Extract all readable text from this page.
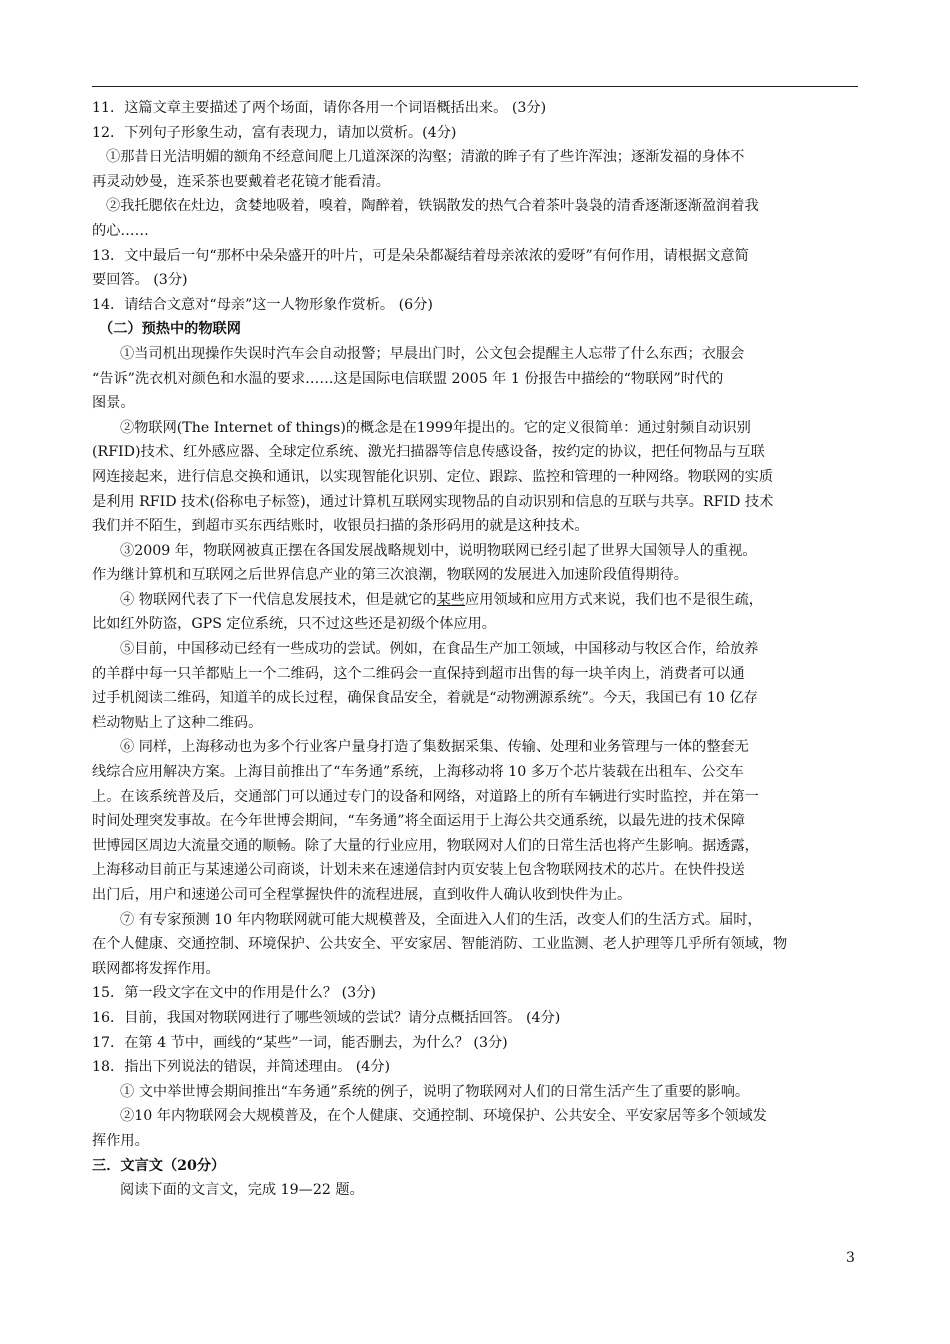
11．这篇文章主要描述了两个场面，请你各用一个词语概括出来。 (3分)

12．下列句子形象生动，富有表现力，请加以赏析。(4分)

①那昔日光洁明媚的额角不经意间爬上几道深深的沟壑；清澈的眸子有了些许浑浊；逐渐发福的身体不

再灵动妙曼，连采茶也要戴着老花镜才能看清。

②我托腮依在灶边，贪婪地吸着，嗅着，陶醉着，铁锅散发的热气合着茶叶袅袅的清香逐渐逐渐盈润着我

的心……

13．文中最后一句“那杯中朵朵盛开的叶片，可是朵朵都凝结着母亲浓浓的爱呀”有何作用，请根据文意简

要回答。 (3分)

14．请结合文意对“母亲”这一人物形象作赏析。 (6分)

（二）预热中的物联网

①当司机出现操作失误时汽车会自动报警；早晨出门时，公文包会提醒主人忘带了什么东西；衣服会

“告诉”洗衣机对颜色和水温的要求……这是国际电信联盟 2005 年 1 份报告中描绘的“物联网”时代的

图景。

②物联网(The Internet of things)的概念是在1999年提出的。它的定义很简单：通过射频自动识别

(RFID)技术、红外感应器、全球定位系统、激光扫描器等信息传感设备，按约定的协议，把任何物品与互联

网连接起来，进行信息交换和通讯，以实现智能化识别、定位、跟踪、监控和管理的一种网络。物联网的实质

是利用 RFID 技术(俗称电子标签)，通过计算机互联网实现物品的自动识别和信息的互联与共享。RFID 技术

我们并不陌生，到超市买东西结账时，收银员扫描的条形码用的就是这种技术。

③2009 年，物联网被真正摆在各国发展战略规划中，说明物联网已经引起了世界大国领导人的重视。

作为继计算机和互联网之后世界信息产业的第三次浪潮，物联网的发展进入加速阶段值得期待。

④ 物联网代表了下一代信息发展技术，但是就它的某些应用领域和应用方式来说，我们也不是很生疏，

比如红外防盗，GPS 定位系统，只不过这些还是初级个体应用。

⑤目前，中国移动已经有一些成功的尝试。例如，在食品生产加工领域，中国移动与牧区合作，给放养

的羊群中每一只羊都贴上一个二维码，这个二维码会一直保持到超市出售的每一块羊肉上，消费者可以通

过手机阅读二维码，知道羊的成长过程，确保食品安全，着就是“动物溯源系统”。今天，我国已有 10 亿存

栏动物贴上了这种二维码。

⑥ 同样，上海移动也为多个行业客户量身打造了集数据采集、传输、处理和业务管理与一体的整套无

线综合应用解决方案。上海目前推出了“车务通”系统，上海移动将 10 多万个芯片装载在出租车、公交车

上。在该系统普及后，交通部门可以通过专门的设备和网络，对道路上的所有车辆进行实时监控，并在第一

时间处理突发事故。在今年世博会期间，“车务通”将全面运用于上海公共交通系统，以最先进的技术保障

世博园区周边大流量交通的顺畅。除了大量的行业应用，物联网对人们的日常生活也将产生影响。据透露，

上海移动目前正与某速递公司商谈，计划未来在速递信封内页安装上包含物联网技术的芯片。在快件投送

出门后，用户和速递公司可全程掌握快件的流程进展，直到收件人确认收到快件为止。

⑦ 有专家预测 10 年内物联网就可能大规模普及，全面进入人们的生活，改变人们的生活方式。届时，

在个人健康、交通控制、环境保护、公共安全、平安家居、智能消防、工业监测、老人护理等几乎所有领域，物

联网都将发挥作用。

15．第一段文字在文中的作用是什么？ (3分)

16．目前，我国对物联网进行了哪些领域的尝试？请分点概括回答。 (4分)

17．在第 4 节中，画线的“某些”一词，能否删去，为什么？ (3分)

18．指出下列说法的错误，并简述理由。 (4分)

① 文中举世博会期间推出“车务通”系统的例子，说明了物联网对人们的日常生活产生了重要的影响。

②10 年内物联网会大规模普及，在个人健康、交通控制、环境保护、公共安全、平安家居等多个领域发

挥作用。

三．文言文（20分）

阅读下面的文言文，完成 19—22 题。

3
